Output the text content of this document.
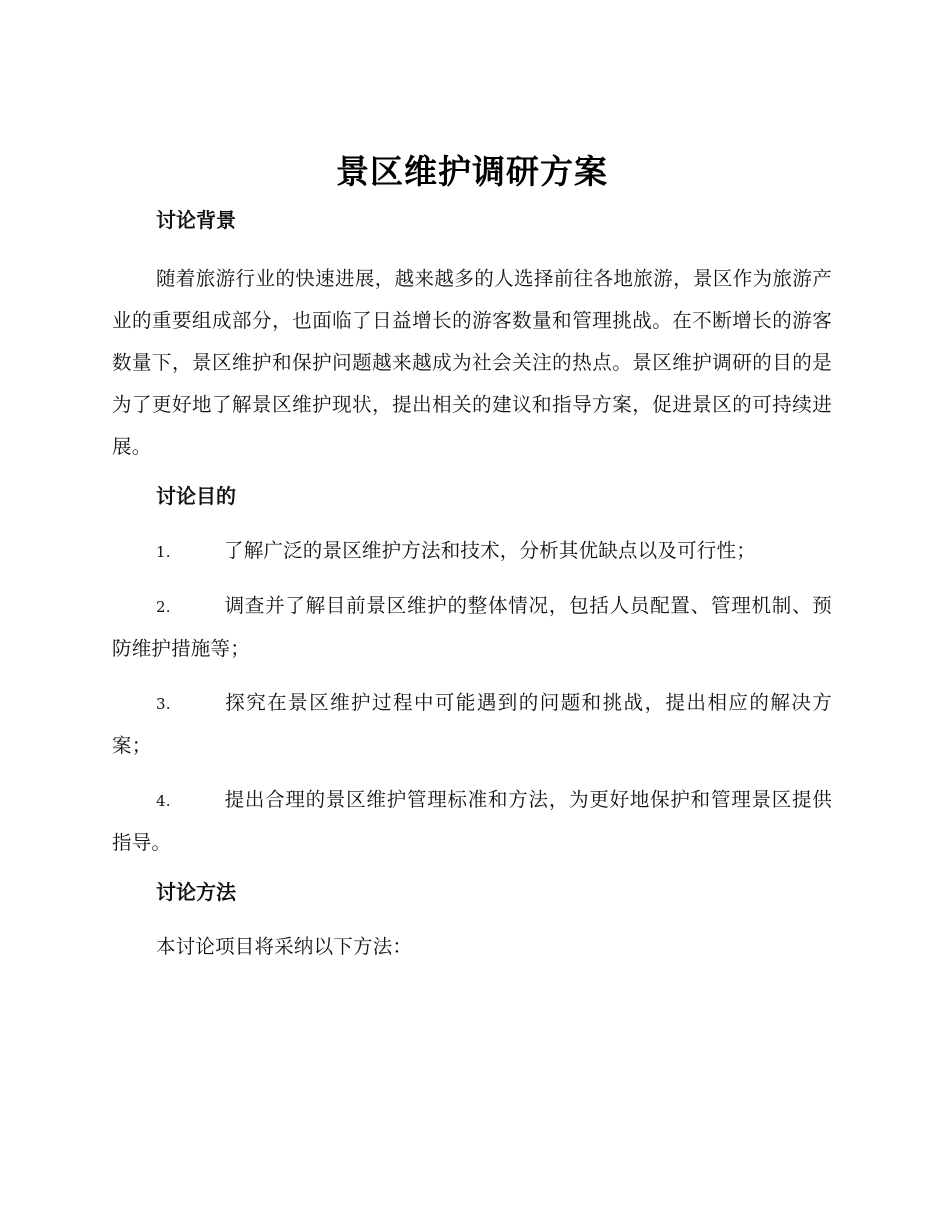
景区维护调研方案
讨论背景

随着旅游行业的快速进展，越来越多的人选择前往各地旅游，景区作为旅游产业的重要组成部分，也面临了日益增长的游客数量和管理挑战。在不断增长的游客数量下，景区维护和保护问题越来越成为社会关注的热点。景区维护调研的目的是为了更好地了解景区维护现状，提出相关的建议和指导方案，促进景区的可持续进展。

讨论目的
1.	了解广泛的景区维护方法和技术，分析其优缺点以及可行性；
2.	调查并了解目前景区维护的整体情况，包括人员配置、管理机制、预防维护措施等；
3.	探究在景区维护过程中可能遇到的问题和挑战，提出相应的解决方案；
4.	提出合理的景区维护管理标准和方法，为更好地保护和管理景区提供指导。
讨论方法

本讨论项目将采纳以下方法：
